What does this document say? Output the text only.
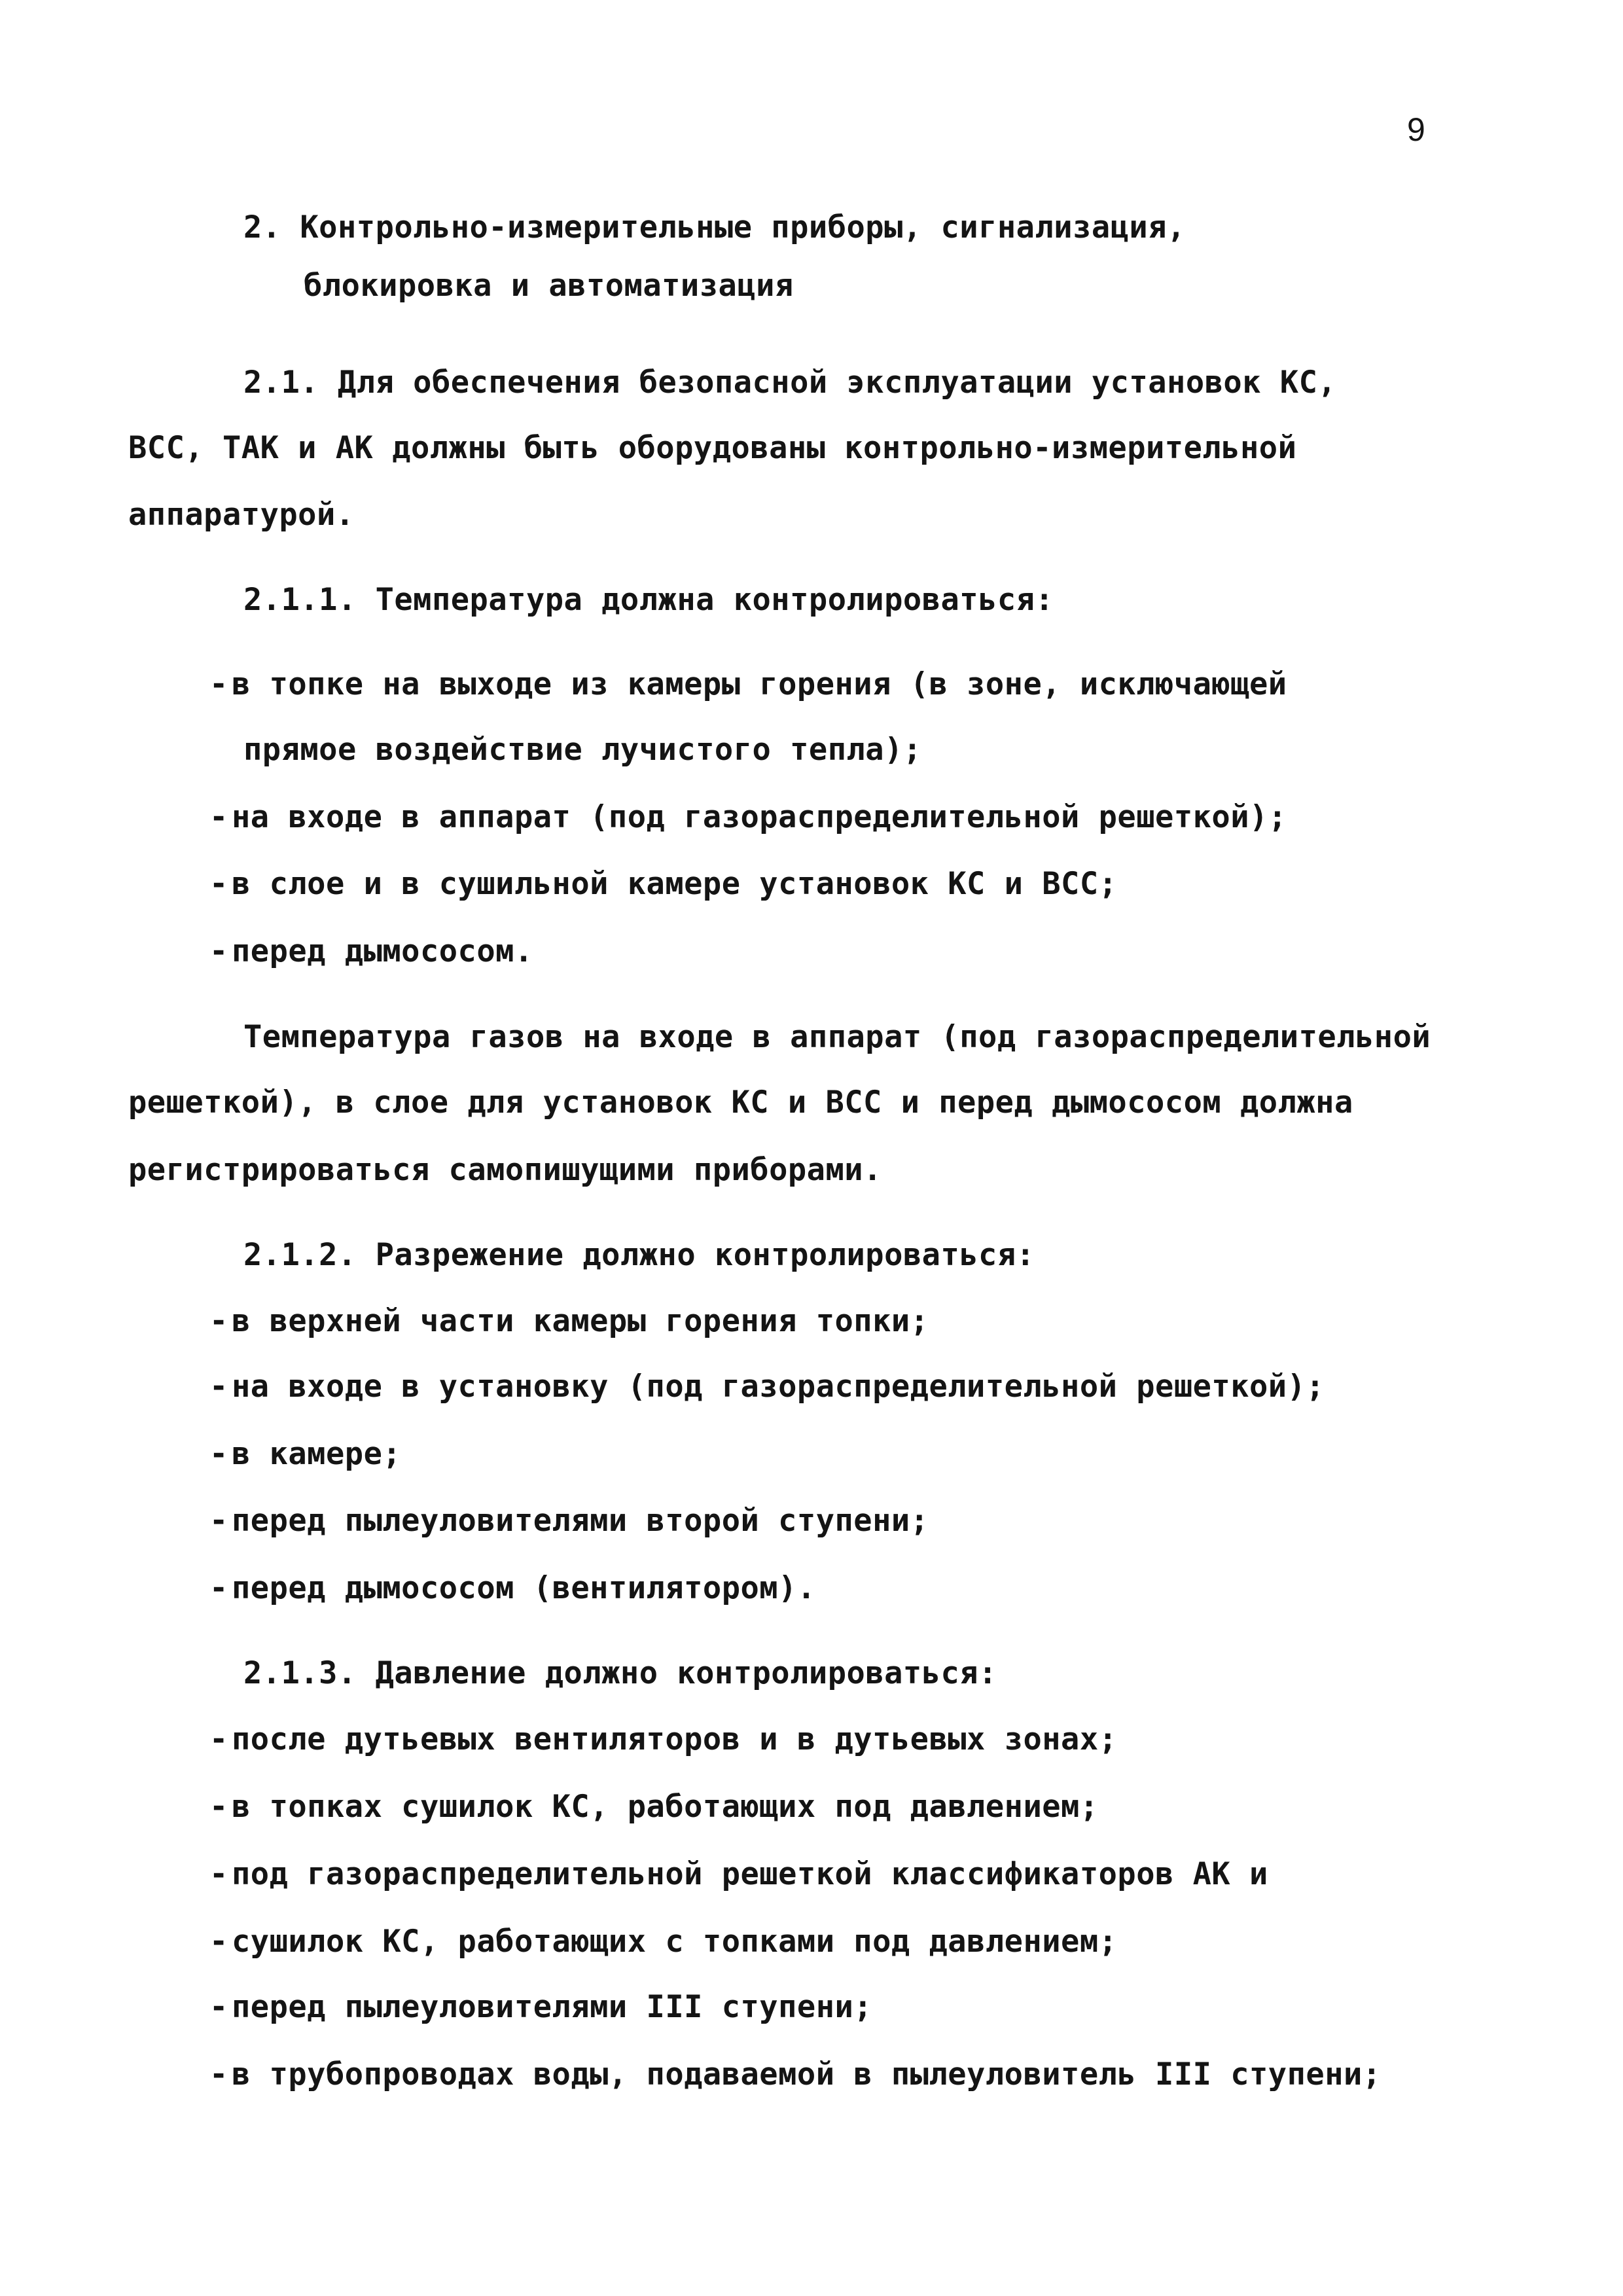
9
2. Контрольно-измерительные приборы, сигнализация,
блокировка и автоматизация
2.1. Для обеспечения безопасной эксплуатации установок КС,
ВСС, ТАК и АК должны быть оборудованы контрольно-измерительной
аппаратурой.
2.1.1. Температура должна контролироваться:
- в топке на выходе из камеры горения (в зоне, исключающей
прямое воздействие лучистого тепла);
- на входе в аппарат (под газораспределительной решеткой);
- в слое и в сушильной камере установок КС и ВСС;
- перед дымососом.
Температура газов на входе в аппарат (под газораспределительной
решеткой), в слое для установок КС и ВСС и перед дымососом должна
регистрироваться самопишущими приборами.
2.1.2. Разрежение должно контролироваться:
- в верхней части камеры горения топки;
- на входе в установку (под газораспределительной решеткой);
- в камере;
- перед пылеуловителями второй ступени;
- перед дымососом (вентилятором).
2.1.3. Давление должно контролироваться:
- после дутьевых вентиляторов и в дутьевых зонах;
- в топках сушилок КС, работающих под давлением;
- под газораспределительной решеткой классификаторов АК и
- сушилок КС, работающих с топками под давлением;
- перед пылеуловителями III ступени;
- в трубопроводах воды, подаваемой в пылеуловитель III ступени;
